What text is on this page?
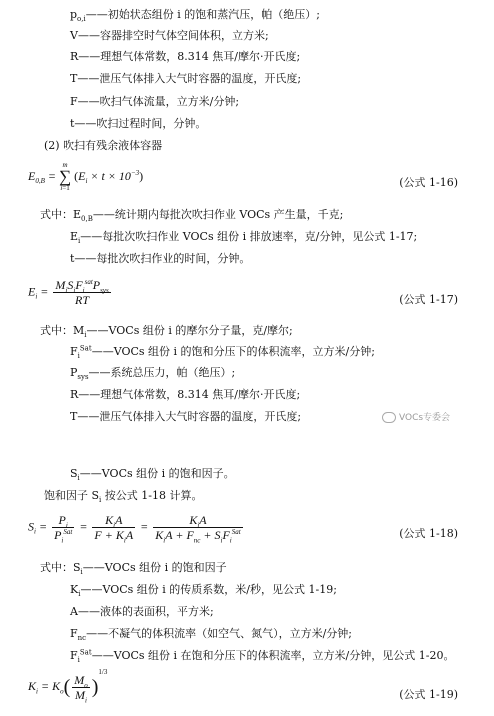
$p_{o,i}——$初始状态组份 i 的饱和蒸汽压，帕（绝压）;
V——容器排空时气体空间体积，立方米;
R——理想气体常数，8.314 焦耳/摩尔·开氏度;
T——泄压气体排入大气时容器的温度，开氏度;
F——吹扫气体流量，立方米/分钟;
t——吹扫过程时间，分钟。
(2) 吹扫有残余液体容器
$E_{0,B}$ =
m
∑
i=1
$(E_i \times t \times 10^{-3})$	(公式 1-16)
式中：$E_{0,B}——$统计期内每批次吹扫作业 VOCs 产生量，千克;
$E_i——$每批次吹扫作业 VOCs 组份 i 排放速率，克/分钟，见公式 1-17;
t——每批次吹扫作业的时间，分钟。
$E_i = \frac{M_iS_iF_i^{sat}P_{sys}}{RT}$	(公式 1-17)
式中：$M_i——VOCs$ 组份 i 的摩尔分子量，克/摩尔;
$F_i^{Sat}——VOCs$ 组份 i 的饱和分压下的体积流率，立方米/分钟;
$P_{sys}——$系统总压力，帕（绝压）;
R——理想气体常数，8.314 焦耳/摩尔·开氏度;
T——泄压气体排入大气时容器的温度，开氏度;	VOCs专委会
$S_i——VOCs$ 组份 i 的饱和因子。
饱和因子 $S_i$ 按公式 1-18 计算。
$S_i = \frac{P_i}{P_i^{Sat}} = \frac{K_iA}{F + K_iA} = \frac{K_iA}{K_iA + F_{nc} + S_iF_i^{Sat}}$	(公式 1-18)
式中：$S_i——VOCs$ 组份 i 的饱和因子
$K_i——VOCs$ 组份 i 的传质系数，米/秒，见公式 1-19;
A——液体的表面积，平方米;
$F_{nc}——$不凝气的体积流率（如空气、氮气），立方米/分钟;
$F_i^{Sat}——VOCs$ 组份 i 在饱和分压下的体积流率，立方米/分钟，见公式 1-20。
$K_i = K_o( \frac{M_o}{M_i} )^{1/3}$
(公式 1-19)
